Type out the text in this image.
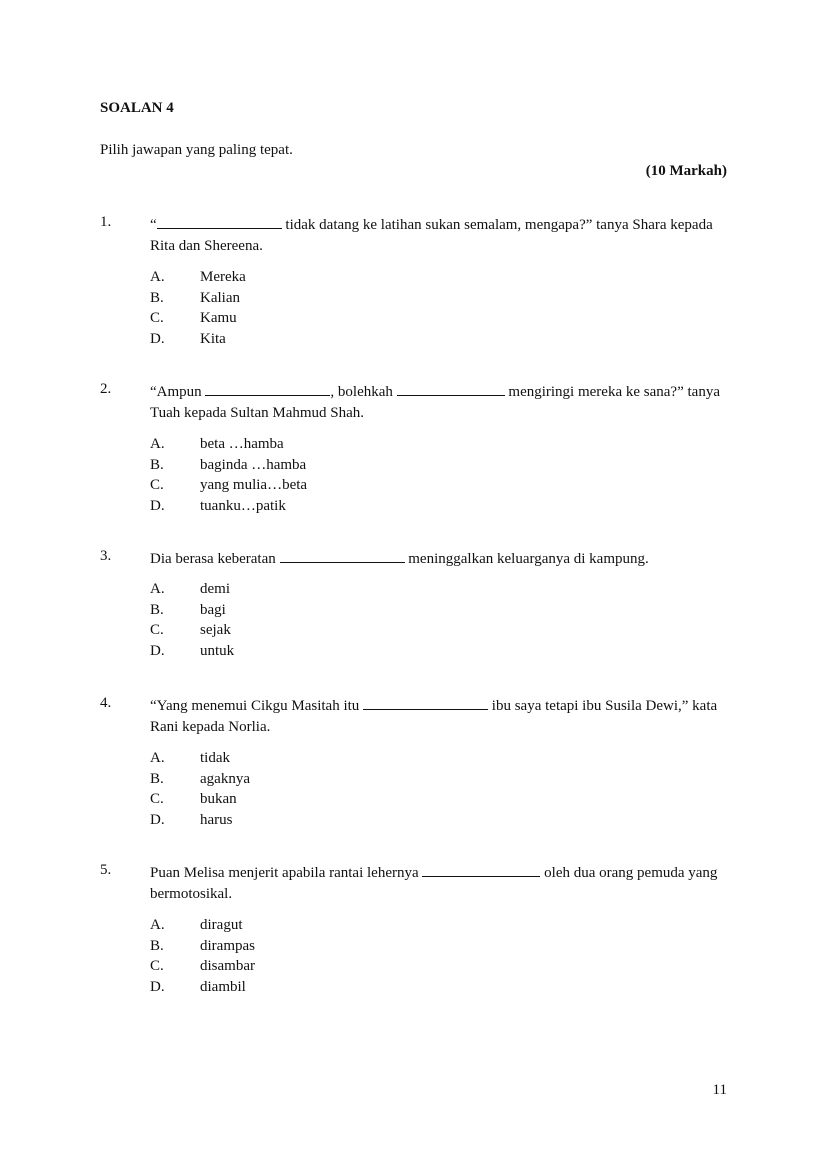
SOALAN 4
Pilih jawapan yang paling tepat.
(10 Markah)
1.	“	tidak datang ke latihan sukan semalam, mengapa?” tanya Shara kepada Rita dan Shereena.
A. Mereka
B. Kalian
C. Kamu
D. Kita
2.	“Ampun	, bolehkah	mengiringi mereka ke sana?” tanya Tuah kepada Sultan Mahmud Shah.
A. beta …hamba
B. baginda …hamba
C. yang mulia…beta
D. tuanku…patik
3.	Dia berasa keberatan	meninggalkan keluarganya di kampung.
A. demi
B. bagi
C. sejak
D. untuk
4.	“Yang menemui Cikgu Masitah itu	ibu saya tetapi ibu Susila Dewi,” kata Rani kepada Norlia.
A. tidak
B. agaknya
C. bukan
D. harus
5.	Puan Melisa menjerit apabila rantai lehernya	oleh dua orang pemuda yang bermotosikal.
A. diragut
B. dirampas
C. disambar
D. diambil
11
